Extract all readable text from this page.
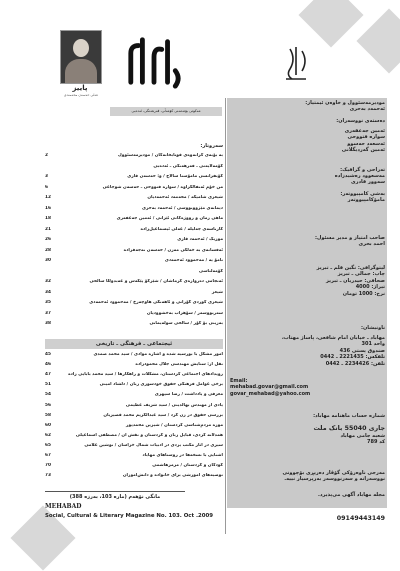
پاییز
عه‌لی حه‌سه‌ن محه‌مه‌دی
مه‌کوتی بۆته‌مه‌نی کۆمه‌ڵی، فه‌رهه‌نگی، ئه‌ده‌بی
مودیرمه‌سئوول و خاوه‌ن ئیمتیاز:
ئه‌حمه‌د به‌حری
ده‌سته‌ی نووسه‌ران:
ئه‌مین جه‌عفه‌ری
سواره‌ فتووحی
ئه‌سعه‌د حه‌سوو
ئه‌مین گه‌ردیگلانی
ته‌راحی و گرافیک:
مه‌سعوود ره‌شیدزاده
سه‌وور قادری
به‌شی کامپیووته‌ر:
مامۆکامپیووته‌ر
صاحب امتیاز و مدیر مسئول:
احمد بحری
لیتوگرافی: نگین قلم ـ تبریز
چاپ: جمالی ـ تبریز
صحافی: حیدریان ـ تبریز
تیراژ: 4000
نرخ: 1000 تومان
ناونیشان:
مهاباد ـ خیابان امام شافعی، پاساژ مهتاب،
واحد 301
صندوق پستی 436
تلفکس: 2221435 ـ 0442
تلفن: 2234426 ـ 0442
Email:
mehabad.govar@gmail.com
govar_mehabad@yahoo.com
شماره حساب ماهنامه مهاباد:
جاری 55040 بانک ملت
شعبه‌ جامی مهاباد
کد 789
مه‌رجی ناوه‌رۆکی گۆڤار ده‌ربڕی بۆچوونی
نووسه‌رانه‌ و سه‌رنووسه‌ر به‌رپرسیار نییه‌.
مجله‌ مهاباد آگهی می‌پذیرد.
09149443149
سه‌روتار:
به‌ بۆنه‌ی کرانه‌وه‌ی قوتابخانه‌کان / مودیرمه‌سئوول
2
کۆمه‌لایه‌تی ـ فه‌رهه‌نگی ـ ئه‌ده‌بی
کۆنفرانسی مامۆستا سالاح / و: حه‌سه‌ن قازی
3
من خۆم ئه‌نفالکراوه‌ / سواره‌ فتووحی ـ حه‌سه‌ن شوجاعی
6
شیعری شامیکه‌ / محه‌مه‌د ئه‌حمه‌دیان
12
دیمانه‌ی مێژوونووسی / ئه‌حمه‌د به‌حری
16
ماهی زمان و رووژه‌کانی ئێرانی / ئه‌مین جه‌عفه‌ری
18
کارناسه‌ی جه‌لیله‌ / عه‌لی ئیسماعیل‌زاده
21
موزیک / ئه‌حمه‌د قازی
26
ئه‌فسانه‌ی به‌ خه‌لکی مه‌زن / حه‌سه‌ن نه‌جه‌فزاده
28
نامۆ یه‌ / مه‌حموود ئه‌حمه‌دی
30
کۆمه‌ڵناسی
ئه‌نجامی ده‌روازه‌ی کرماشان / شێرکۆ پێکه‌س و عه‌بدوڵڵا سالحی
32
شیعر
34
شیعری کوردی گۆرانی و ئاهه‌نگی هاوچه‌رخ / مه‌حموود ئه‌حمه‌دی
35
سه‌رنووسه‌ر / سۆهراب به‌خشوودیان
37
به‌زینی بۆ کۆر / سالحی سوله‌یمانی
38
ئیجتماعی ـ فرهنگی ـ تاریخی
امور مشکل با بورسیه شده و اشاره‌ موادی / سید محمد صمدی
45
نقل از: ستایش مهندسی جلال محمودزاده
46
رویدادهای اجتماعی کردستان، مشکلات و راهکارها / سید محمد بابایی زاده
47
برخی عوامل فرهنگی حقوق خودسوزی زنان / دلشاد امینی
51
معرفی و یادداشت / رضا سپهری
54
یادی از مهندس بهالدینی / سید شریف عظیمی
56
بررسی حقوق در زن کرد / سید عبدالکریم محمد قصیریان
58
موزه مردم‌شناسی کردستان / شیرین محمدپور
60
همدلانه‌ کردی، قبایل زنان و کردستان و نقش آن / مصطفی اسماعیلی
62
سیری در آثار مکتب یزدی در ادبیات شمال خراسان / نوشین غلامی
65
آشنایی با نسخه‌ها در روستاهای مهاباد
67
کودکان و کردستان / مرمرهاشمی
70
توصیه‌های آموزشی برای خانواده و دانش‌آموزان
73
مانگی نۆهه‌م (ماره‌ 103، به‌رزه‌ 388)
MEHABAD
Social, Cultural & Literary Magazine No. 103. Oct .2009
